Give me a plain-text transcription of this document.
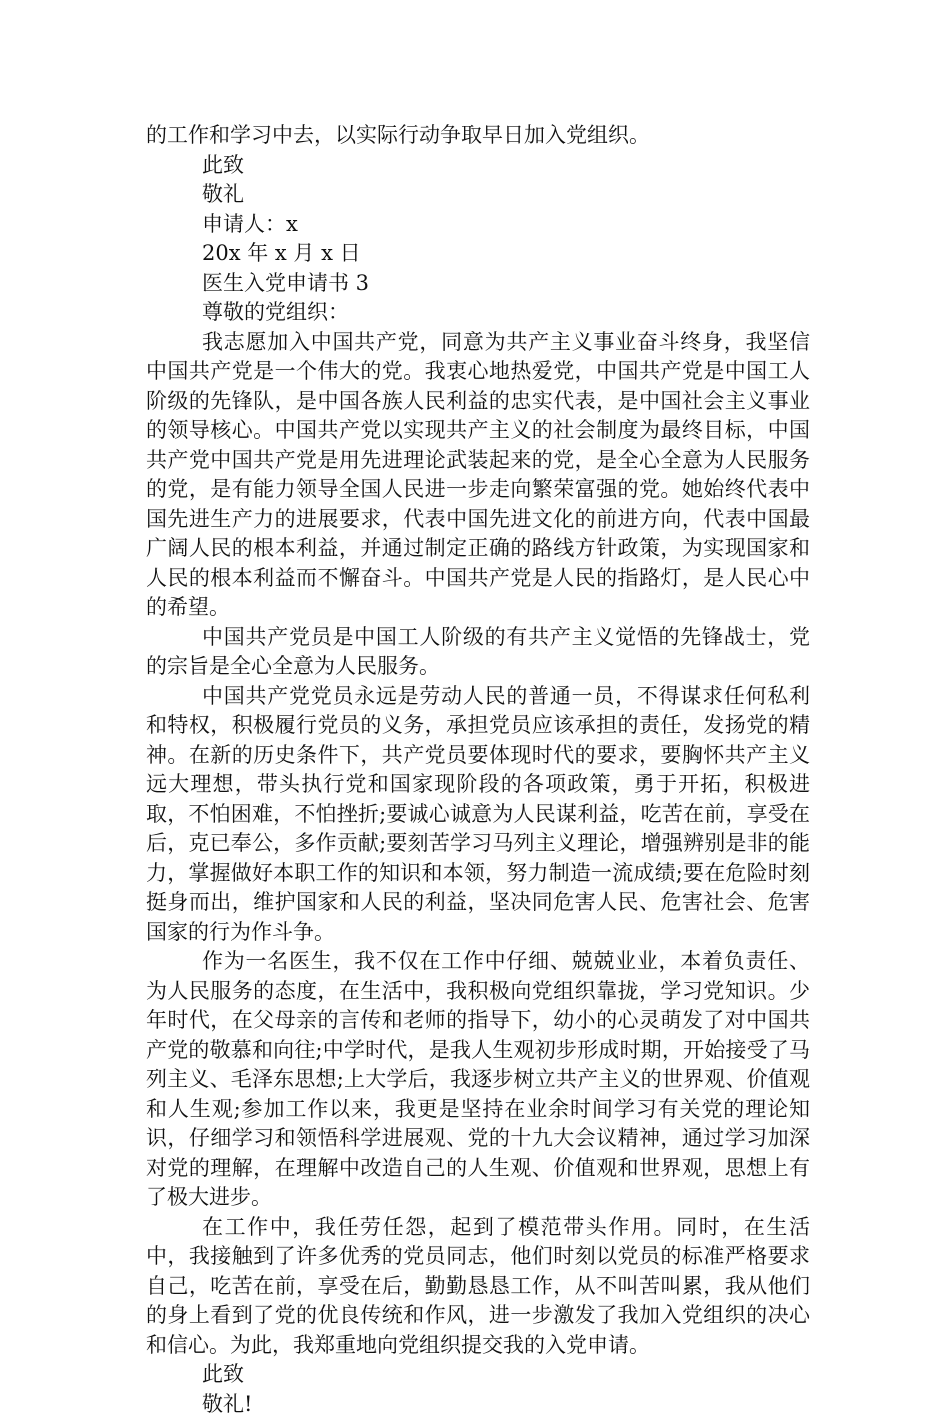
的工作和学习中去，以实际行动争取早日加入党组织。

此致

敬礼

申请人：x

20x 年 x 月 x 日

医生入党申请书 3

尊敬的党组织：

我志愿加入中国共产党，同意为共产主义事业奋斗终身，我坚信中国共产党是一个伟大的党。我衷心地热爱党，中国共产党是中国工人阶级的先锋队，是中国各族人民利益的忠实代表，是中国社会主义事业的领导核心。中国共产党以实现共产主义的社会制度为最终目标，中国共产党中国共产党是用先进理论武装起来的党，是全心全意为人民服务的党，是有能力领导全国人民进一步走向繁荣富强的党。她始终代表中国先进生产力的进展要求，代表中国先进文化的前进方向，代表中国最广阔人民的根本利益，并通过制定正确的路线方针政策，为实现国家和人民的根本利益而不懈奋斗。中国共产党是人民的指路灯，是人民心中的希望。

中国共产党员是中国工人阶级的有共产主义觉悟的先锋战士，党的宗旨是全心全意为人民服务。

中国共产党党员永远是劳动人民的普通一员，不得谋求任何私利和特权，积极履行党员的义务，承担党员应该承担的责任，发扬党的精神。在新的历史条件下，共产党员要体现时代的要求，要胸怀共产主义远大理想，带头执行党和国家现阶段的各项政策，勇于开拓，积极进取，不怕困难，不怕挫折;要诚心诚意为人民谋利益，吃苦在前，享受在后，克已奉公，多作贡献;要刻苦学习马列主义理论，增强辨别是非的能力，掌握做好本职工作的知识和本领，努力制造一流成绩;要在危险时刻挺身而出，维护国家和人民的利益，坚决同危害人民、危害社会、危害国家的行为作斗争。

作为一名医生，我不仅在工作中仔细、兢兢业业，本着负责任、为人民服务的态度，在生活中，我积极向党组织靠拢，学习党知识。少年时代，在父母亲的言传和老师的指导下，幼小的心灵萌发了对中国共产党的敬慕和向往;中学时代，是我人生观初步形成时期，开始接受了马列主义、毛泽东思想;上大学后，我逐步树立共产主义的世界观、价值观和人生观;参加工作以来，我更是坚持在业余时间学习有关党的理论知识，仔细学习和领悟科学进展观、党的十九大会议精神，通过学习加深对党的理解，在理解中改造自己的人生观、价值观和世界观，思想上有了极大进步。

在工作中，我任劳任怨，起到了模范带头作用。同时，在生活中，我接触到了许多优秀的党员同志，他们时刻以党员的标准严格要求自己，吃苦在前，享受在后，勤勤恳恳工作，从不叫苦叫累，我从他们的身上看到了党的优良传统和作风，进一步激发了我加入党组织的决心和信心。为此，我郑重地向党组织提交我的入党申请。

此致

敬礼!
